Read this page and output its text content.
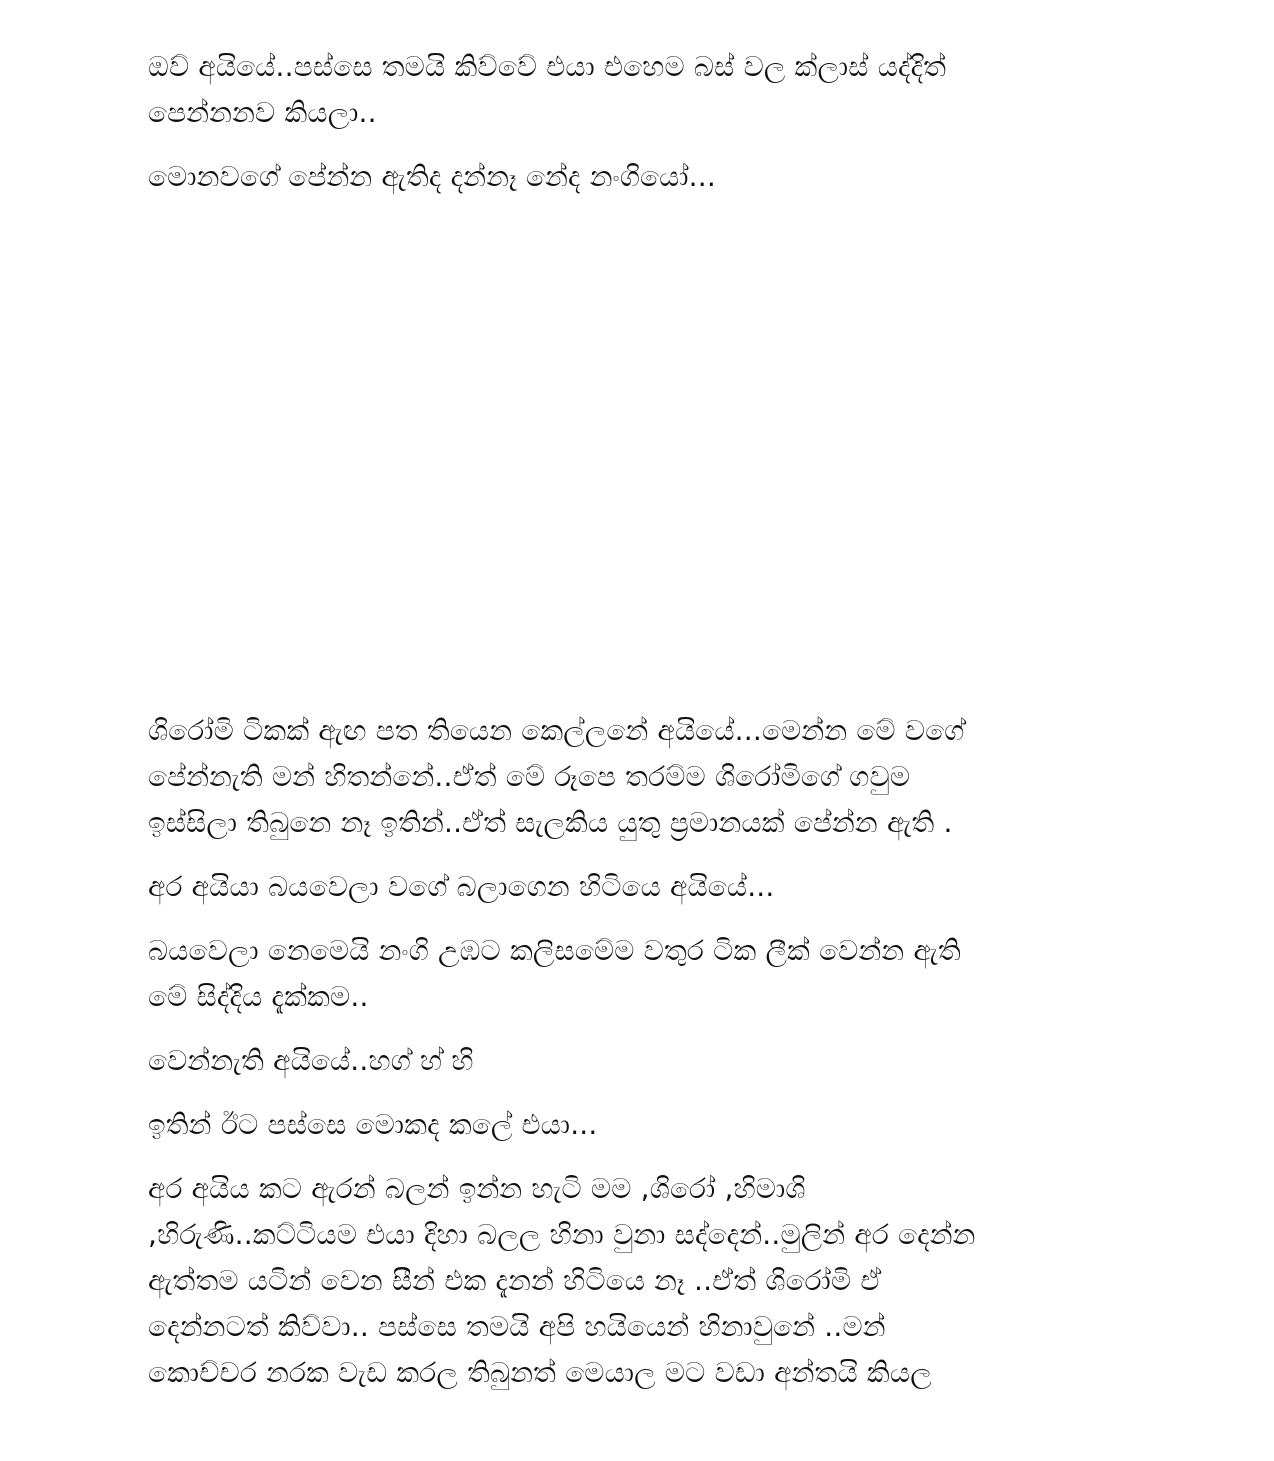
ඔව් අයියේ..පස්සෙ තමයි කිව්වේ එයා එහෙම බස් වල ක්ලාස් යද්දිත්
පෙන්නනව කියලා..

මොනවගේ පේන්න ඇතිද දන්නෑ නේද නංගියෝ...

ශිරෝමි ටිකක් ඇඟ පත තියෙන කෙල්ලනේ අයියේ...මෙන්න මේ වගේ
පේන්නැති මන් හිතන්නේ..ඒත් මේ රූපෙ තරම්ම ශිරෝමිගේ ගවුම
ඉස්සිලා තිබුනෙ නෑ ඉතින්..ඒත් සැලකිය යුතු ප්‍රමානයක් පේන්න ඇති .

අර අයියා බයවෙලා වගේ බලාගෙන හිටියෙ අයියේ...

බයවෙලා නෙමෙයි නංගි උඹට කලිසමේම වතුර ටික ලීක් වෙන්න ඇති
මේ සිද්දිය දැක්කම..

වෙන්නැති අයියේ..හග් හ් හි

ඉතින් ඊට පස්සෙ මොකද කලේ එයා...

අර අයිය කට ඇරන් බලන් ඉන්න හැටි මම ,ශිරෝ ,හිමාශි
,හිරුණි..කට්ටියම එයා දිහා බලල හිනා වුනා සද්දෙන්..මුලින් අර දෙන්න
ඇත්තම යටින් වෙන සීන් එක දැනන් හිටියෙ නෑ ..ඒත් ශිරෝමි ඒ
දෙන්නටත් කිව්වා.. පස්සෙ තමයි අපි හයියෙන් හිනාවුනේ ..මන්
කොච්චර නරක වැඩ කරල තිබුනත් මෙයාල මට වඩා අන්තයි කියල
